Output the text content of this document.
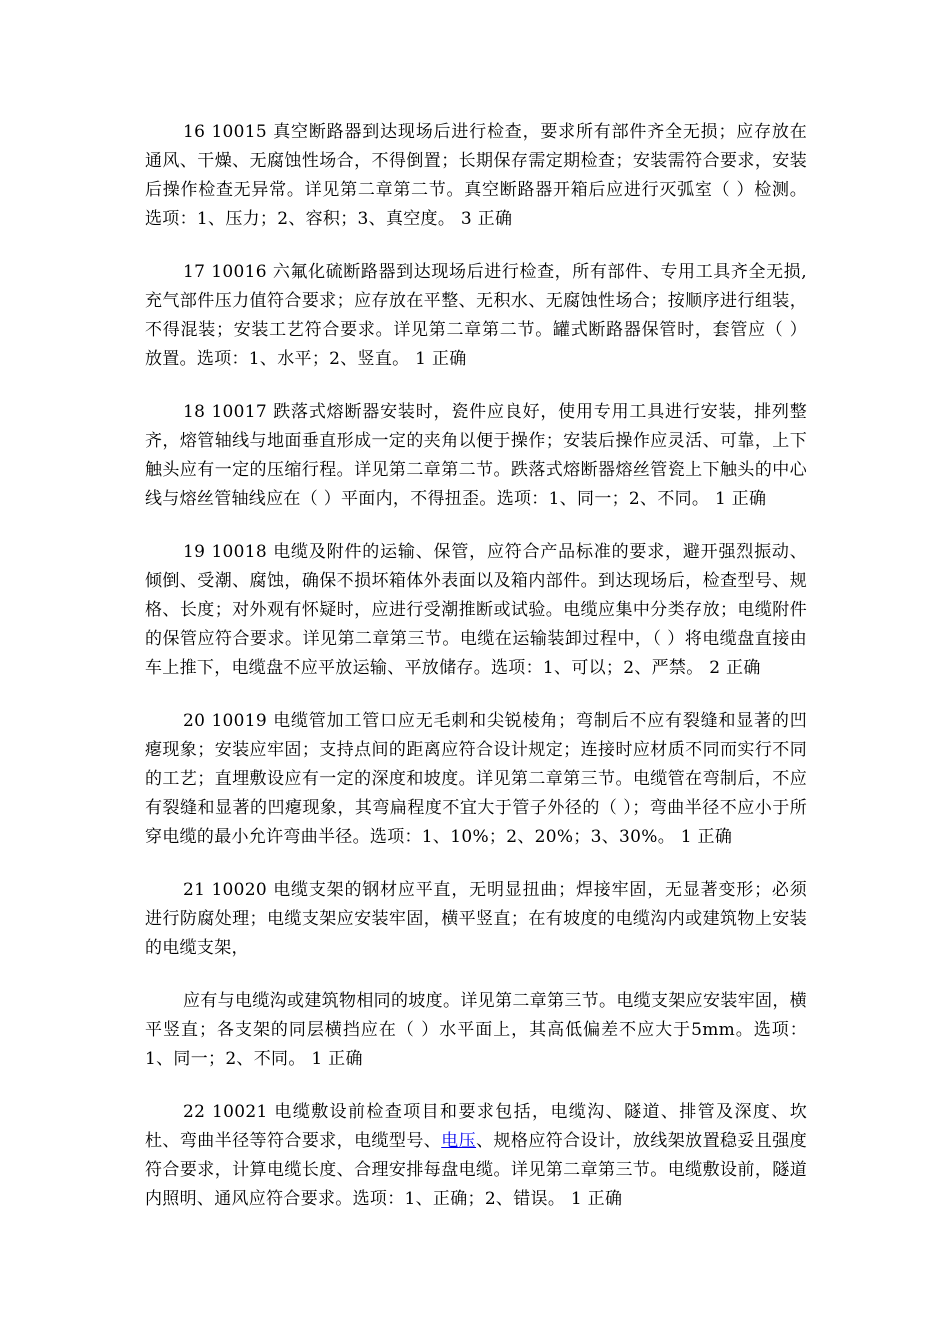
16 10015 真空断路器到达现场后进行检查，要求所有部件齐全无损；应存放在通风、干燥、无腐蚀性场合，不得倒置；长期保存需定期检查；安装需符合要求，安装后操作检查无异常。详见第二章第二节。真空断路器开箱后应进行灭弧室（ ）检测。选项：1、压力；2、容积；3、真空度。 3 正确

17 10016 六氟化硫断路器到达现场后进行检查，所有部件、专用工具齐全无损,充气部件压力值符合要求；应存放在平整、无积水、无腐蚀性场合；按顺序进行组装，不得混装；安装工艺符合要求。详见第二章第二节。罐式断路器保管时，套管应（ ）放置。选项：1、水平；2、竖直。 1 正确

18 10017 跌落式熔断器安装时，瓷件应良好，使用专用工具进行安装，排列整齐，熔管轴线与地面垂直形成一定的夹角以便于操作；安装后操作应灵活、可靠，上下触头应有一定的压缩行程。详见第二章第二节。跌落式熔断器熔丝管瓷上下触头的中心线与熔丝管轴线应在（ ）平面内，不得扭歪。选项：1、同一；2、不同。 1 正确

19 10018 电缆及附件的运输、保管，应符合产品标准的要求，避开强烈振动、倾倒、受潮、腐蚀，确保不损坏箱体外表面以及箱内部件。到达现场后，检查型号、规格、长度；对外观有怀疑时，应进行受潮推断或试验。电缆应集中分类存放；电缆附件的保管应符合要求。详见第二章第三节。电缆在运输装卸过程中，（ ）将电缆盘直接由车上推下，电缆盘不应平放运输、平放储存。选项：1、可以；2、严禁。 2 正确

20 10019 电缆管加工管口应无毛刺和尖锐棱角；弯制后不应有裂缝和显著的凹瘪现象；安装应牢固；支持点间的距离应符合设计规定；连接时应材质不同而实行不同的工艺；直埋敷设应有一定的深度和坡度。详见第二章第三节。电缆管在弯制后，不应有裂缝和显著的凹瘪现象，其弯扁程度不宜大于管子外径的（ ）；弯曲半径不应小于所穿电缆的最小允许弯曲半径。选项：1、10%；2、20%；3、30%。 1 正确

21 10020 电缆支架的钢材应平直，无明显扭曲；焊接牢固，无显著变形；必须进行防腐处理；电缆支架应安装牢固，横平竖直；在有坡度的电缆沟内或建筑物上安装的电缆支架，

应有与电缆沟或建筑物相同的坡度。详见第二章第三节。电缆支架应安装牢固，横平竖直；各支架的同层横挡应在（ ）水平面上，其高低偏差不应大于5mm。选项：1、同一；2、不同。 1 正确

22 10021 电缆敷设前检查项目和要求包括，电缆沟、隧道、排管及深度、坎杜、弯曲半径等符合要求，电缆型号、电压、规格应符合设计，放线架放置稳妥且强度符合要求，计算电缆长度、合理安排每盘电缆。详见第二章第三节。电缆敷设前，隧道内照明、通风应符合要求。选项：1、正确；2、错误。 1 正确
